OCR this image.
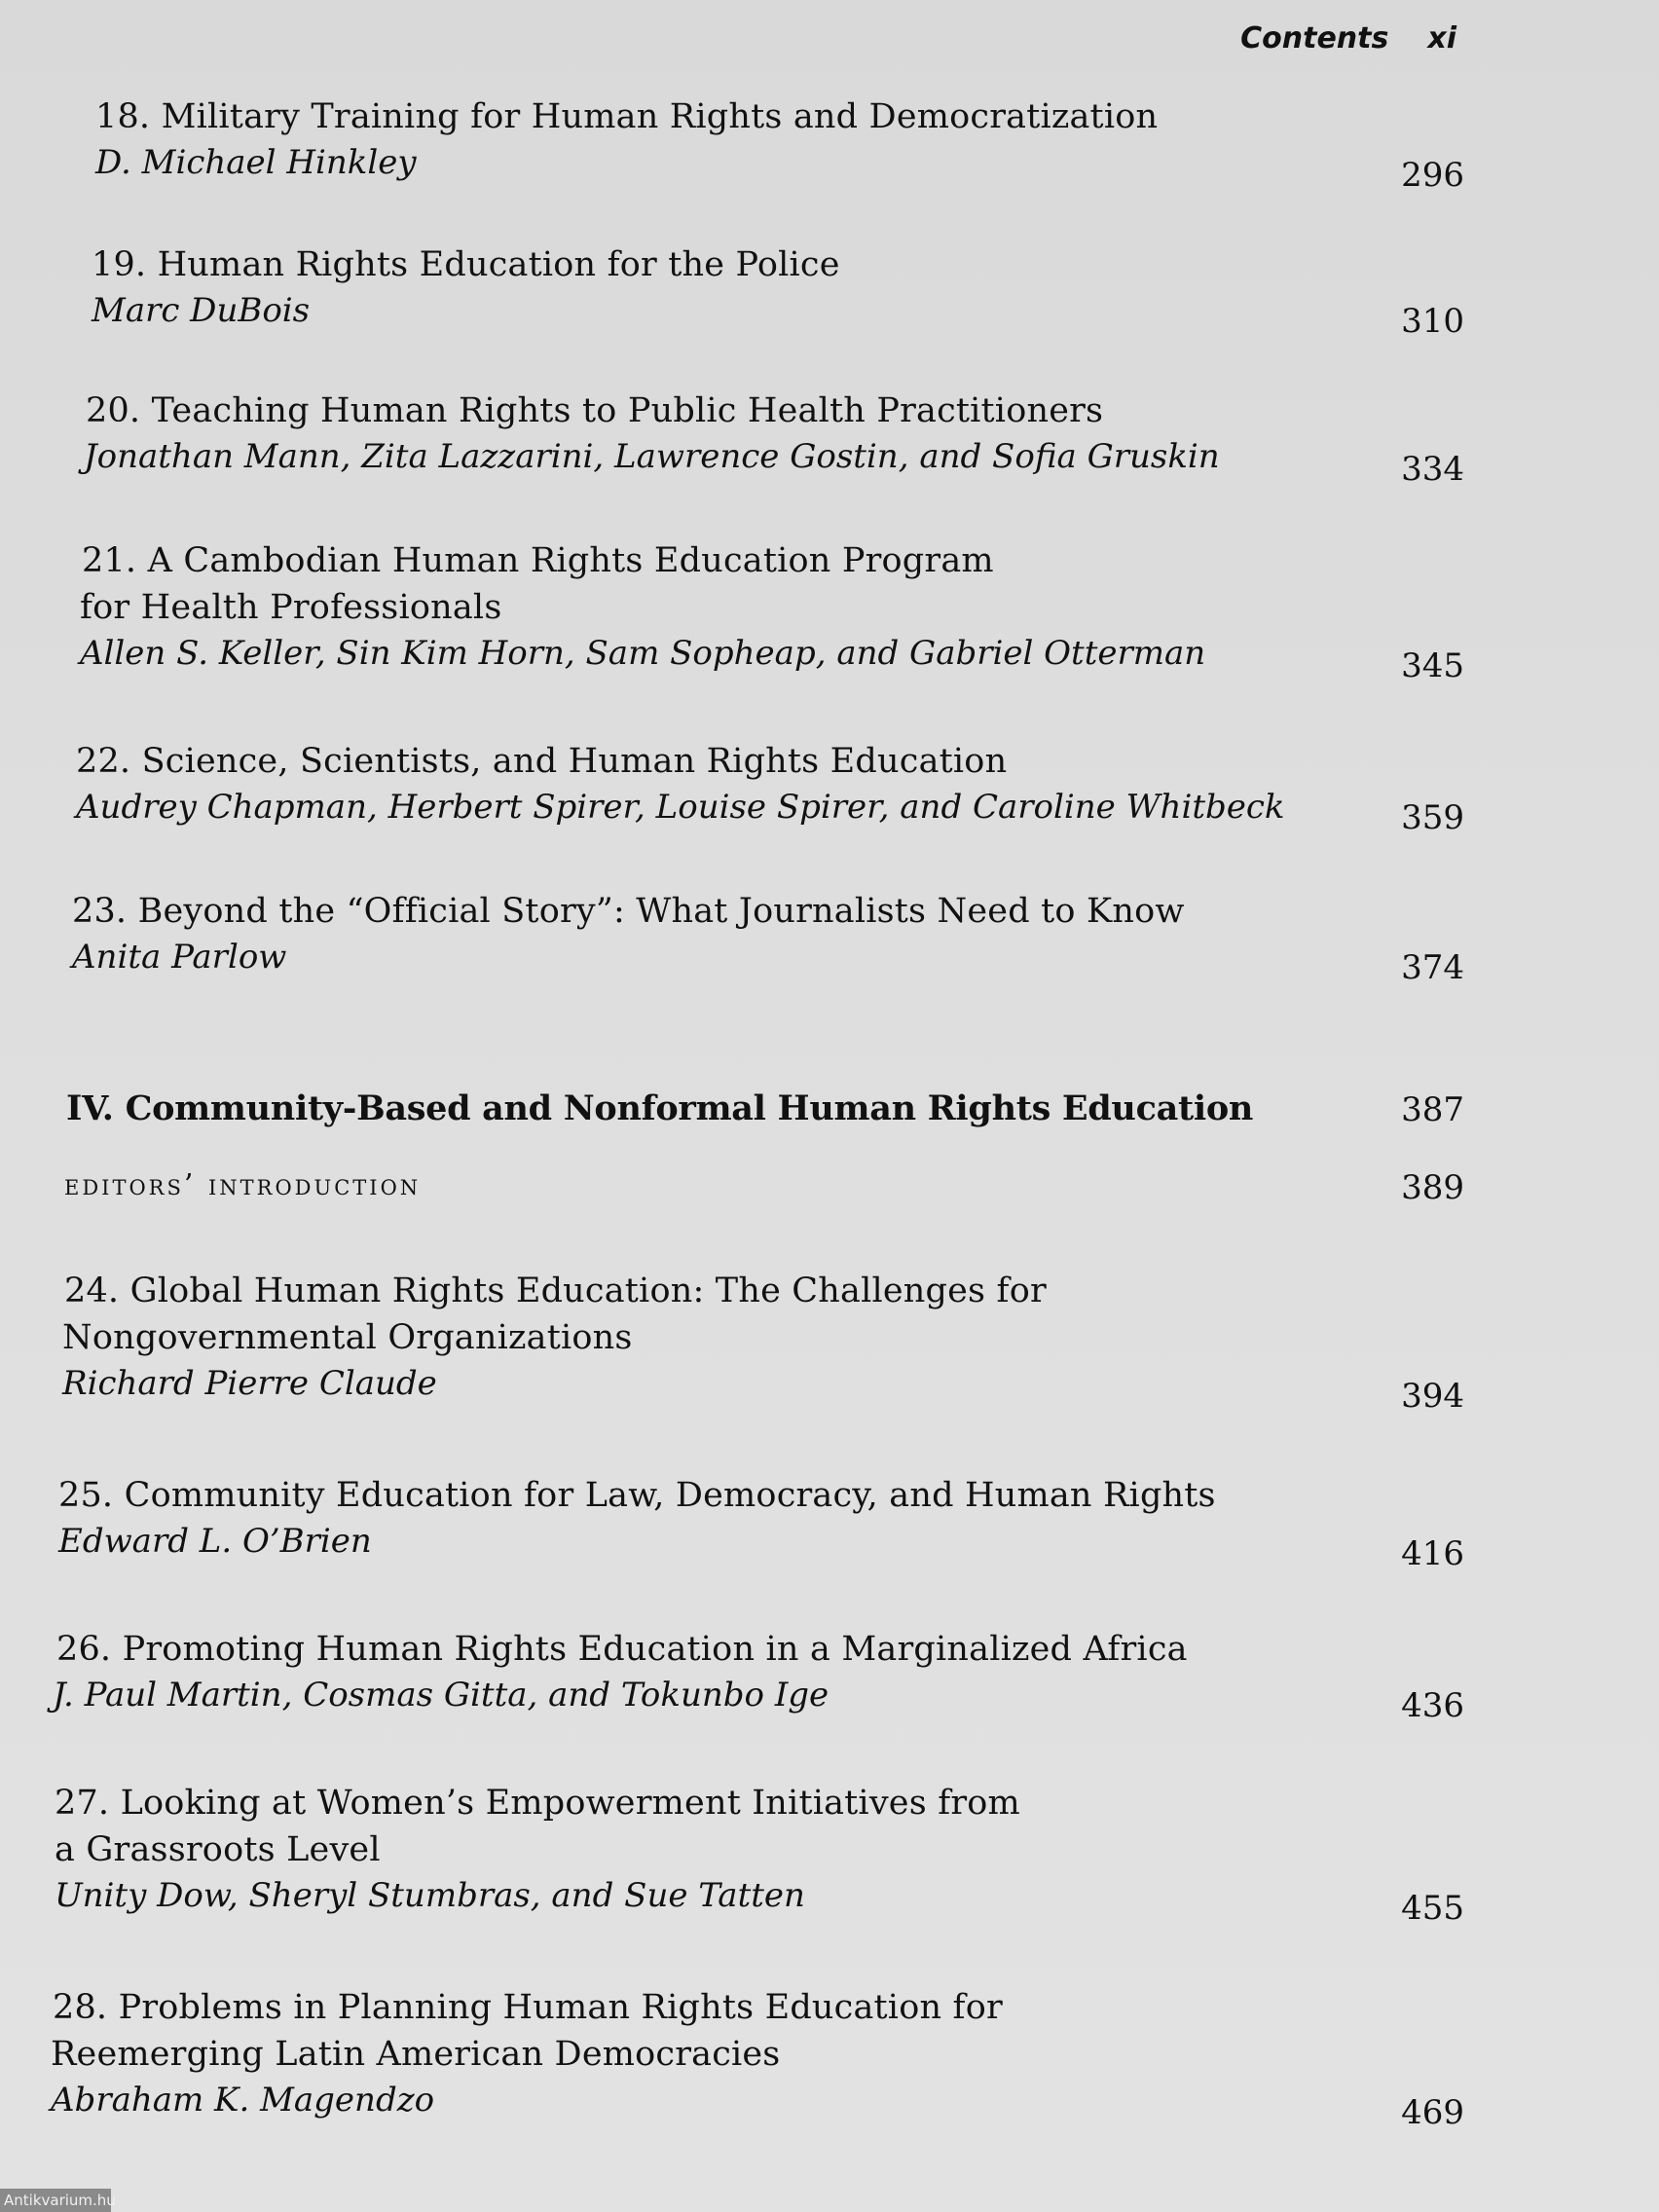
Contents xi
18. Military Training for Human Rights and Democratization
D. Michael Hinkley	296
19. Human Rights Education for the Police
Marc DuBois	310
20. Teaching Human Rights to Public Health Practitioners
Jonathan Mann, Zita Lazzarini, Lawrence Gostin, and Sofia Gruskin	334
21. A Cambodian Human Rights Education Program
for Health Professionals
Allen S. Keller, Sin Kim Horn, Sam Sopheap, and Gabriel Otterman	345
22. Science, Scientists, and Human Rights Education
Audrey Chapman, Herbert Spirer, Louise Spirer, and Caroline Whitbeck	359
23. Beyond the “Official Story”: What Journalists Need to Know
Anita Parlow	374
IV. Community-Based and Nonformal Human Rights Education	387
editors’ introduction	389
24. Global Human Rights Education: The Challenges for
Nongovernmental Organizations
Richard Pierre Claude	394
25. Community Education for Law, Democracy, and Human Rights
Edward L. O’Brien	416
26. Promoting Human Rights Education in a Marginalized Africa
J. Paul Martin, Cosmas Gitta, and Tokunbo Ige	436
27. Looking at Women’s Empowerment Initiatives from
a Grassroots Level
Unity Dow, Sheryl Stumbras, and Sue Tatten	455
28. Problems in Planning Human Rights Education for
Reemerging Latin American Democracies
Abraham K. Magendzo	469
Antikvarium.hu
